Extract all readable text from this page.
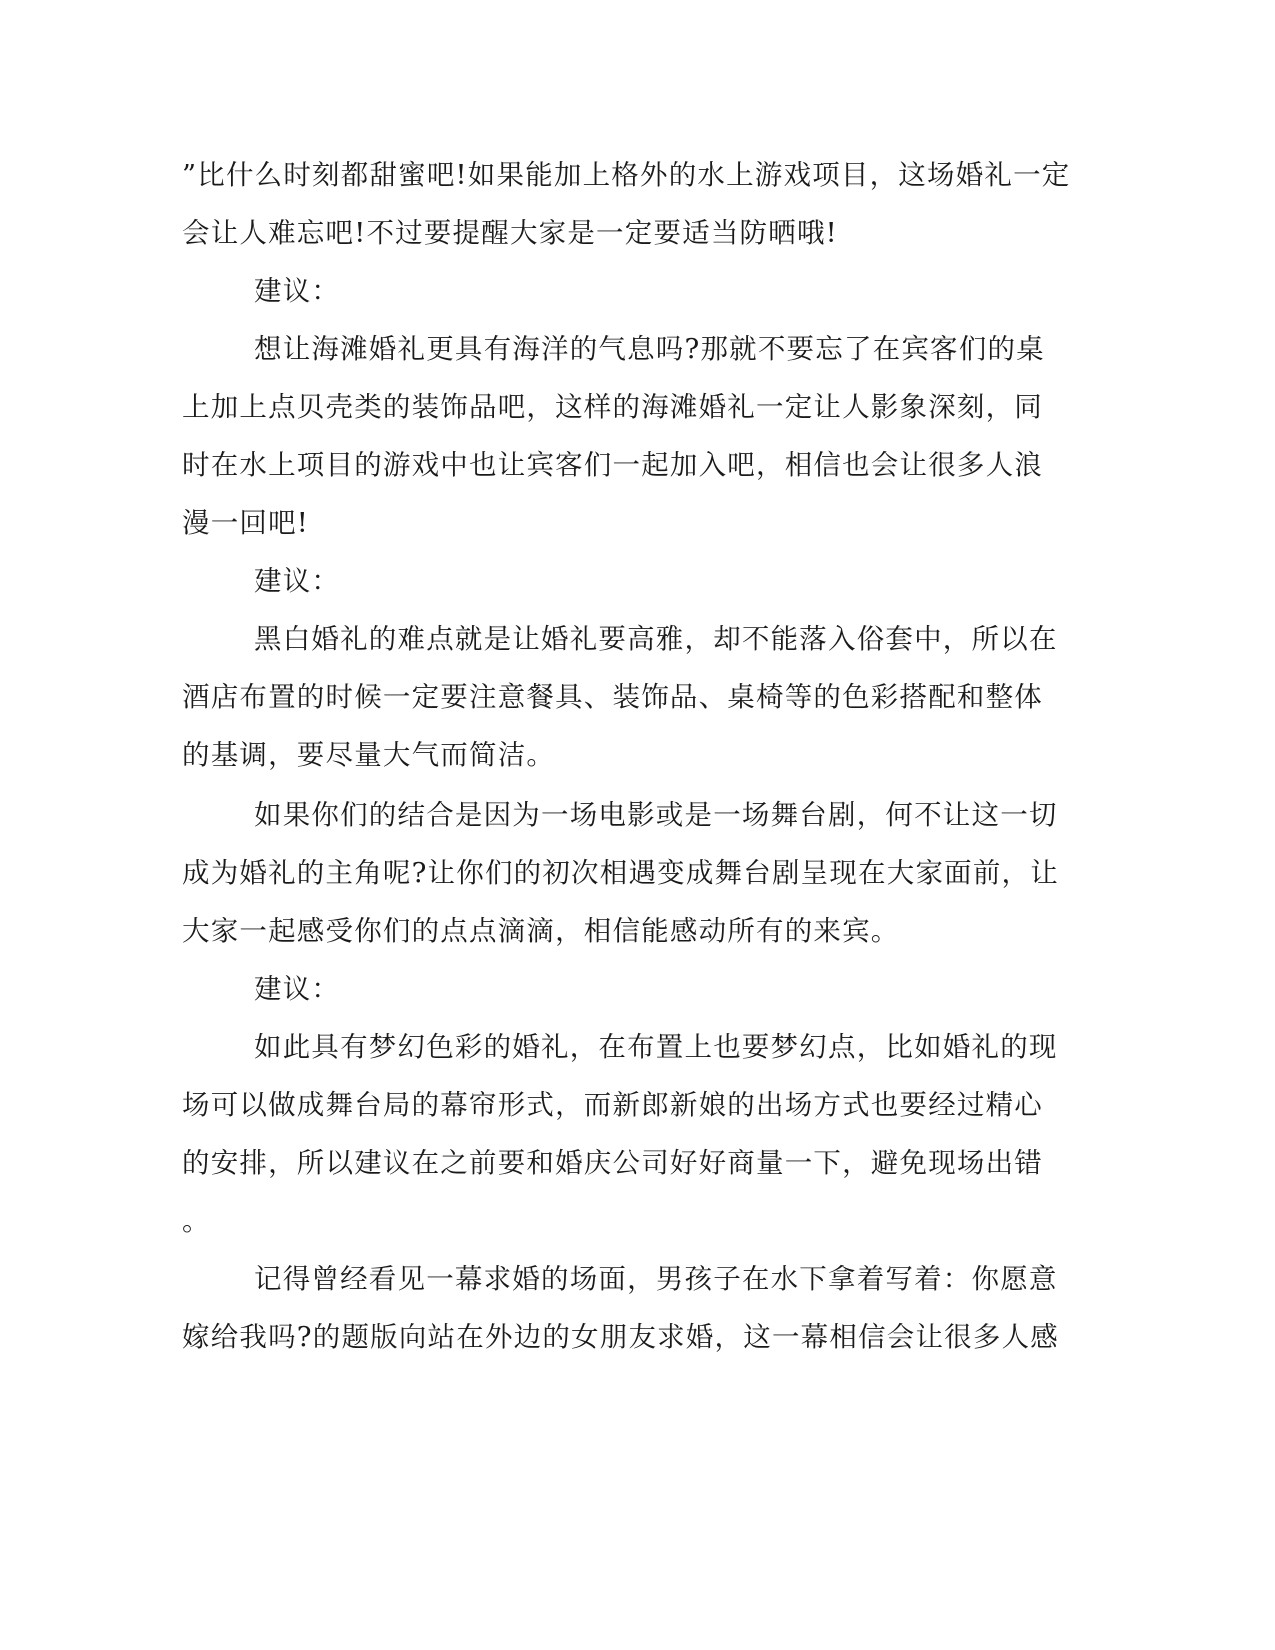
”比什么时刻都甜蜜吧!如果能加上格外的水上游戏项目，这场婚礼一定
会让人难忘吧!不过要提醒大家是一定要适当防晒哦!
建议：
想让海滩婚礼更具有海洋的气息吗?那就不要忘了在宾客们的桌
上加上点贝壳类的装饰品吧，这样的海滩婚礼一定让人影象深刻，同
时在水上项目的游戏中也让宾客们一起加入吧，相信也会让很多人浪
漫一回吧!
建议：
黑白婚礼的难点就是让婚礼要高雅，却不能落入俗套中，所以在
酒店布置的时候一定要注意餐具、装饰品、桌椅等的色彩搭配和整体
的基调，要尽量大气而简洁。
如果你们的结合是因为一场电影或是一场舞台剧，何不让这一切
成为婚礼的主角呢?让你们的初次相遇变成舞台剧呈现在大家面前，让
大家一起感受你们的点点滴滴，相信能感动所有的来宾。
建议：
如此具有梦幻色彩的婚礼，在布置上也要梦幻点，比如婚礼的现
场可以做成舞台局的幕帘形式，而新郎新娘的出场方式也要经过精心
的安排，所以建议在之前要和婚庆公司好好商量一下，避免现场出错
。
记得曾经看见一幕求婚的场面，男孩子在水下拿着写着：你愿意
嫁给我吗?的题版向站在外边的女朋友求婚，这一幕相信会让很多人感
